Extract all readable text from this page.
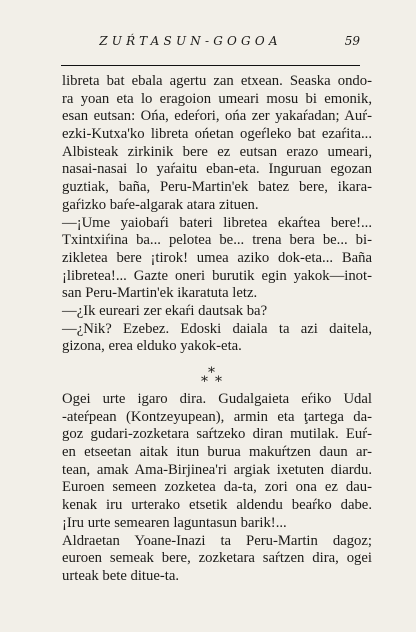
ZUŔTASUN-GOGOA	59
libreta bat ebala agertu zan etxean. Seaska ondo-
ra yoan eta lo eragoion umeari mosu bi emonik,
esan eutsan: Ońa, edeŕori, ońa zer yakaŕadan; Auŕ-
ezki-Kutxa'ko libreta ońetan ogeŕleko bat ezaŕita...
Albisteak zirkinik bere ez eutsan erazo umeari,
nasai-nasai lo yaŕaitu eban-eta. Inguruan egozan
guztiak, baña, Peru-Martin'ek batez bere, ikara-
gaŕizko baŕe-algarak atara zituen.
—¡Ume yaiobaŕi bateri libretea ekaŕtea bere!...
Txintxiŕina ba... pelotea be... trena bera be... bi-
zikletea bere ¡tirok! umea aziko dok-eta... Baña
¡libretea!... Gazte oneri burutik egin yakok—inot-
san Peru-Martin'ek ikaratuta letz.
—¿Ik eureari zer ekaŕi dautsak ba?
—¿Nik? Ezebez. Edoski daiala ta azi daitela,
gizona, erea elduko yakok-eta.
*
* *
Ogei urte igaro dira. Gudalgaieta eŕiko Udal
-ateŕpean (Kontzeyupean), armin eta ţartega da-
goz gudari-zozketara saŕtzeko diran mutilak. Euŕ-
en etseetan aitak itun burua makuŕtzen daun ar-
tean, amak Ama-Birjinea'ri argiak ixetuten diardu.
Euroen semeen zozketea da-ta, zori ona ez dau-
kenak iru urterako etsetik aldendu beaŕko dabe.
¡Iru urte semearen laguntasun barik!...
Aldraetan Yoane-Inazi ta Peru-Martin dagoz;
euroen semeak bere, zozketara saŕtzen dira, ogei
urteak bete ditue-ta.
